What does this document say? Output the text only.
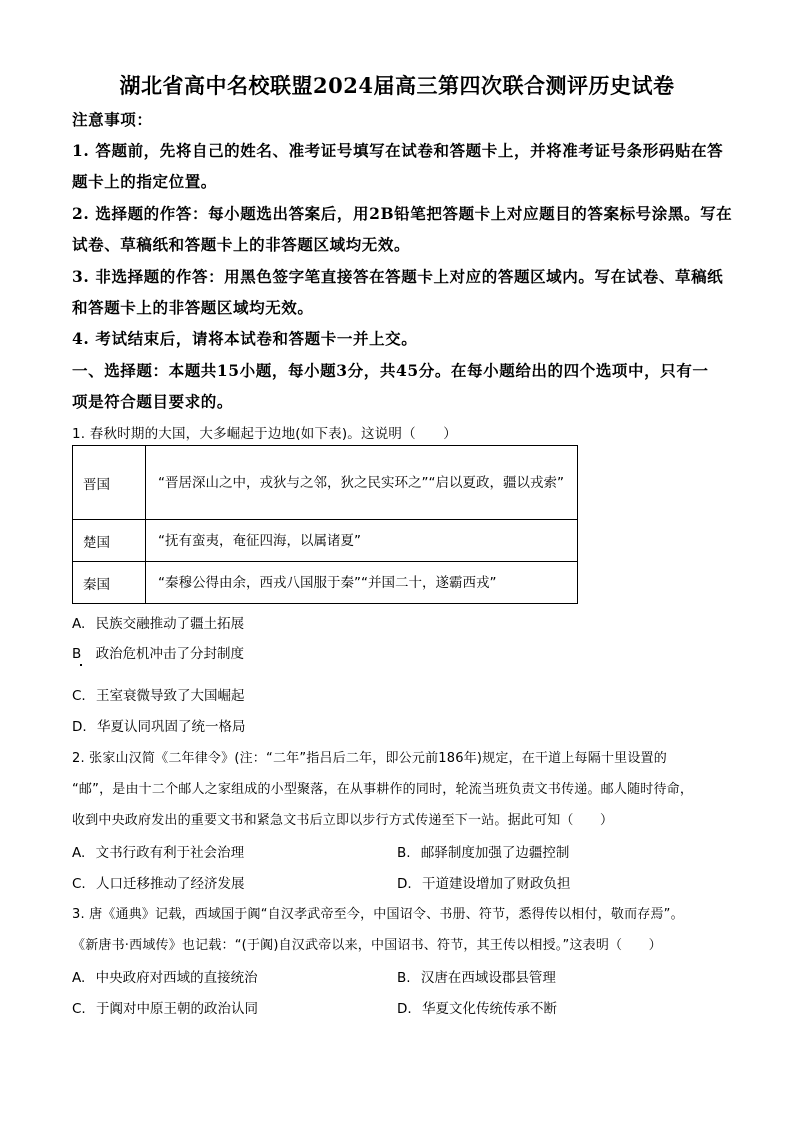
湖北省高中名校联盟2024届高三第四次联合测评历史试卷
注意事项：
1. 答题前，先将自己的姓名、准考证号填写在试卷和答题卡上，并将准考证号条形码贴在答
题卡上的指定位置。
2. 选择题的作答：每小题选出答案后，用2B铅笔把答题卡上对应题目的答案标号涂黑。写在
试卷、草稿纸和答题卡上的非答题区域均无效。
3. 非选择题的作答：用黑色签字笔直接答在答题卡上对应的答题区域内。写在试卷、草稿纸
和答题卡上的非答题区域均无效。
4. 考试结束后，请将本试卷和答题卡一并上交。
一、选择题：本题共15小题，每小题3分，共45分。在每小题给出的四个选项中，只有一
项是符合题目要求的。
1. 春秋时期的大国，大多崛起于边地(如下表)。这说明（　　）
晋国	“晋居深山之中，戎狄与之邻，狄之民实环之”“启以夏政，疆以戎索”
楚国	“抚有蛮夷，奄征四海，以属诸夏”
秦国	“秦穆公得由余，西戎八国服于秦”“并国二十，遂霸西戎”
A. 民族交融推动了疆土拓展
B 政治危机冲击了分封制度
C. 王室衰微导致了大国崛起
D. 华夏认同巩固了统一格局
2. 张家山汉简《二年律令》(注：“二年”指吕后二年，即公元前186年)规定，在干道上每隔十里设置的
“邮”，是由十二个邮人之家组成的小型聚落，在从事耕作的同时，轮流当班负责文书传递。邮人随时待命，
收到中央政府发出的重要文书和紧急文书后立即以步行方式传递至下一站。据此可知（　　）
A. 文书行政有利于社会治理	B. 邮驿制度加强了边疆控制
C. 人口迁移推动了经济发展	D. 干道建设增加了财政负担
3. 唐《通典》记载，西域国于阗“自汉孝武帝至今，中国诏令、书册、符节，悉得传以相付，敬而存焉”。
《新唐书·西域传》也记载：“(于阗)自汉武帝以来，中国诏书、符节，其王传以相授。”这表明（　　）
A. 中央政府对西域的直接统治	B. 汉唐在西域设郡县管理
C. 于阗对中原王朝的政治认同	D. 华夏文化传统传承不断
